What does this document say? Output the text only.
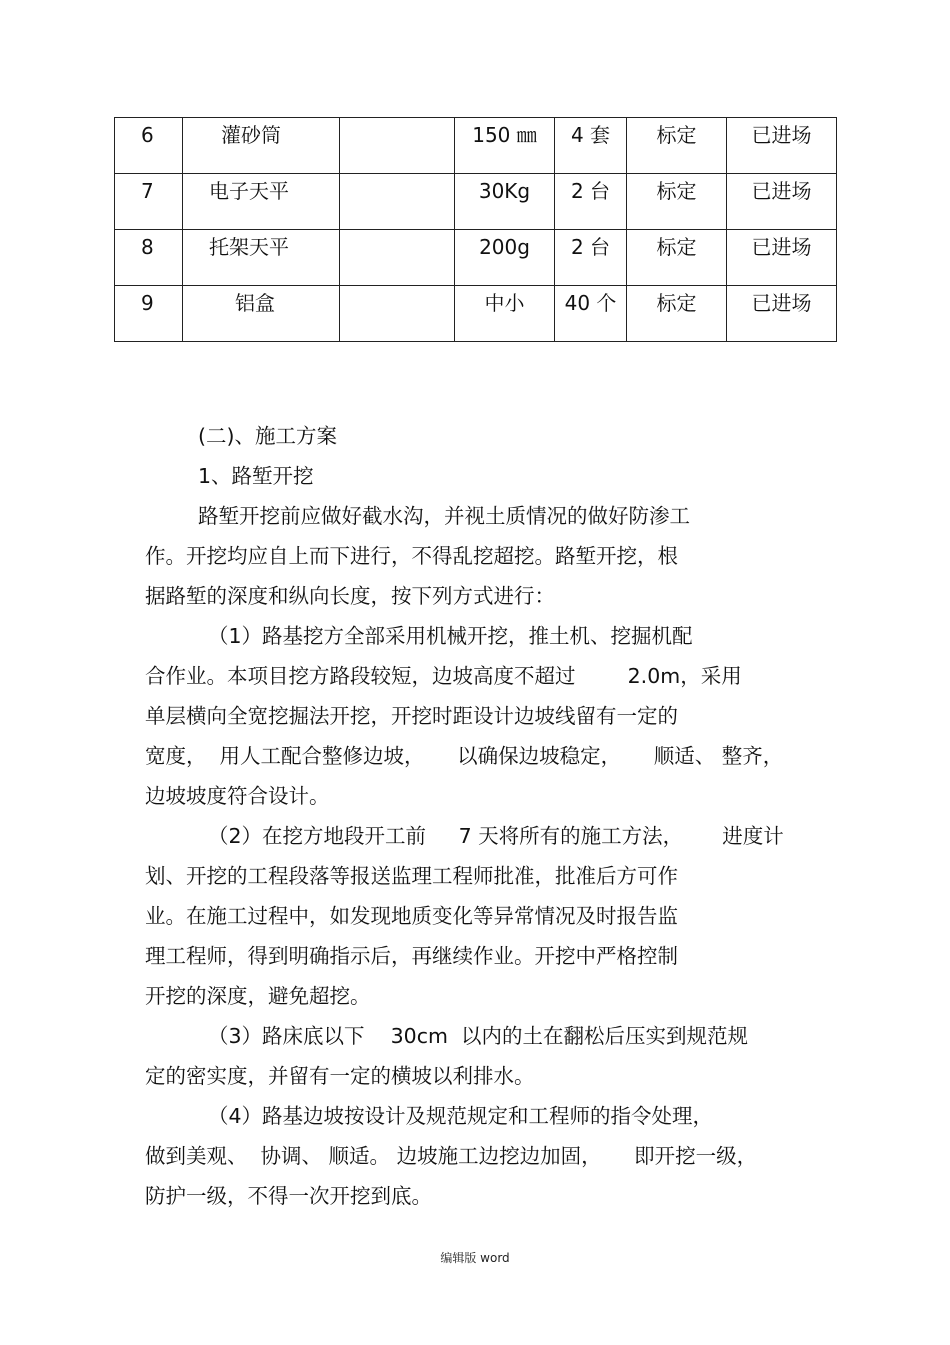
6	灌砂筒		150 ㎜	4 套	标定	已进场
7	电子天平		30Kg	2 台	标定	已进场
8	托架天平		200g	2 台	标定	已进场
9	铝盒		中小	40 个	标定	已进场
(二)、施工方案
1、路堑开挖
路堑开挖前应做好截水沟，并视土质情况的做好防渗工
作。开挖均应自上而下进行，不得乱挖超挖。路堑开挖，根
据路堑的深度和纵向长度，按下列方式进行：
（1）路基挖方全部采用机械开挖，推土机、挖掘机配
合作业。本项目挖方路段较短，边坡高度不超过        2.0m，采用
单层横向全宽挖掘法开挖，开挖时距设计边坡线留有一定的
宽度，  用人工配合整修边坡，     以确保边坡稳定，     顺适、 整齐，
边坡坡度符合设计。
（2）在挖方地段开工前     7 天将所有的施工方法，      进度计
划、开挖的工程段落等报送监理工程师批准，批准后方可作
业。在施工过程中，如发现地质变化等异常情况及时报告监
理工程师，得到明确指示后，再继续作业。开挖中严格控制
开挖的深度，避免超挖。
（3）路床底以下    30cm  以内的土在翻松后压实到规范规
定的密实度，并留有一定的横坡以利排水。
（4）路基边坡按设计及规范规定和工程师的指令处理，
做到美观、  协调、 顺适。 边坡施工边挖边加固，     即开挖一级，
防护一级，不得一次开挖到底。
编辑版 word
